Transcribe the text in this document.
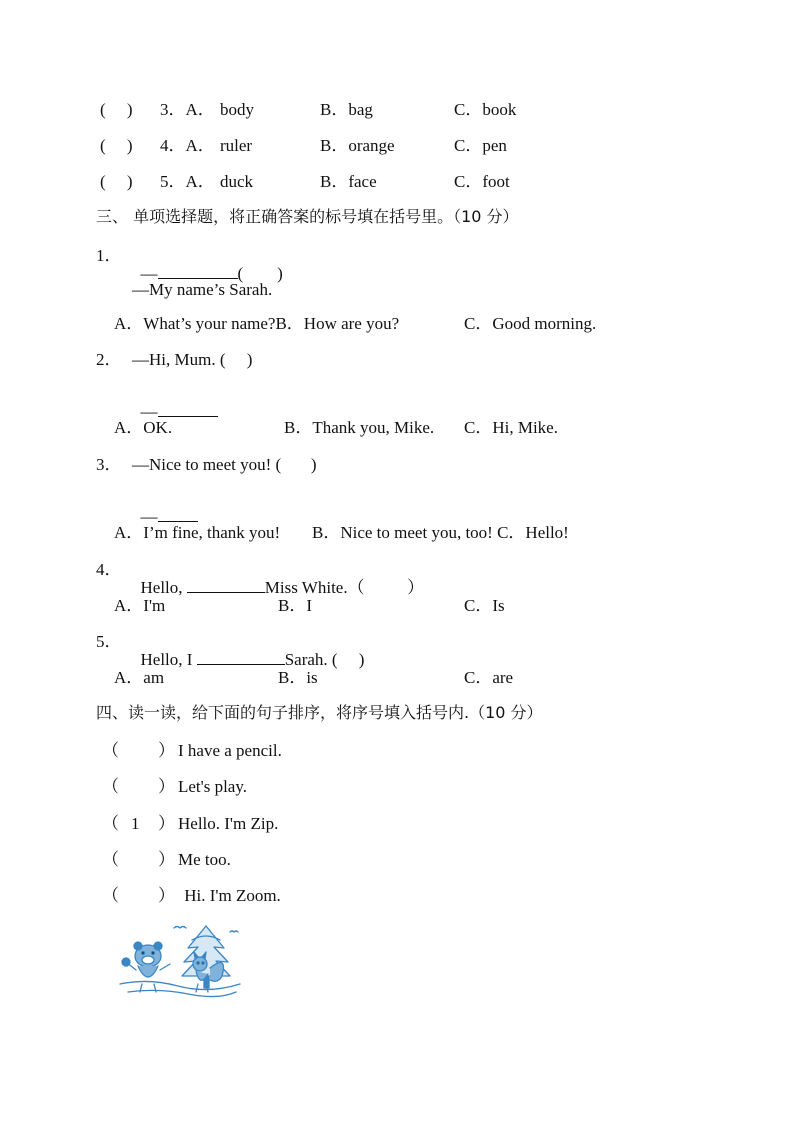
(     ) 3．A． body	B．bag	C．book
(     ) 4．A． ruler	B．orange	C．pen
(     ) 5．A． duck	B．face	C．foot
三、 单项选择题，将正确答案的标号填在括号里。（10 分）
1．

—	(        )

—My name’s Sarah.
A．What’s your name?B．How are you?	C．Good morning.
2． —Hi, Mum. (     )

—

A．OK.	B．Thank you, Mike. C．Hi, Mike.
3． —Nice to meet you! (       )

—

A．I’m fine, thank you! B．Nice to meet you, too! C．Hello!
4．

Hello,	Miss White.（          ）

A．I'm	B．I	C．Is
5．

Hello, I	Sarah. (     )

A．am	B．is	C．are
四、读一读，给下面的句子排序，将序号填入括号内.（10 分）
（ ） I have a pencil.
（ ） Let's play.
（ 1 ） Hello. I'm Zip.
（ ） Me too.
（ ） Hi. I'm Zoom.
